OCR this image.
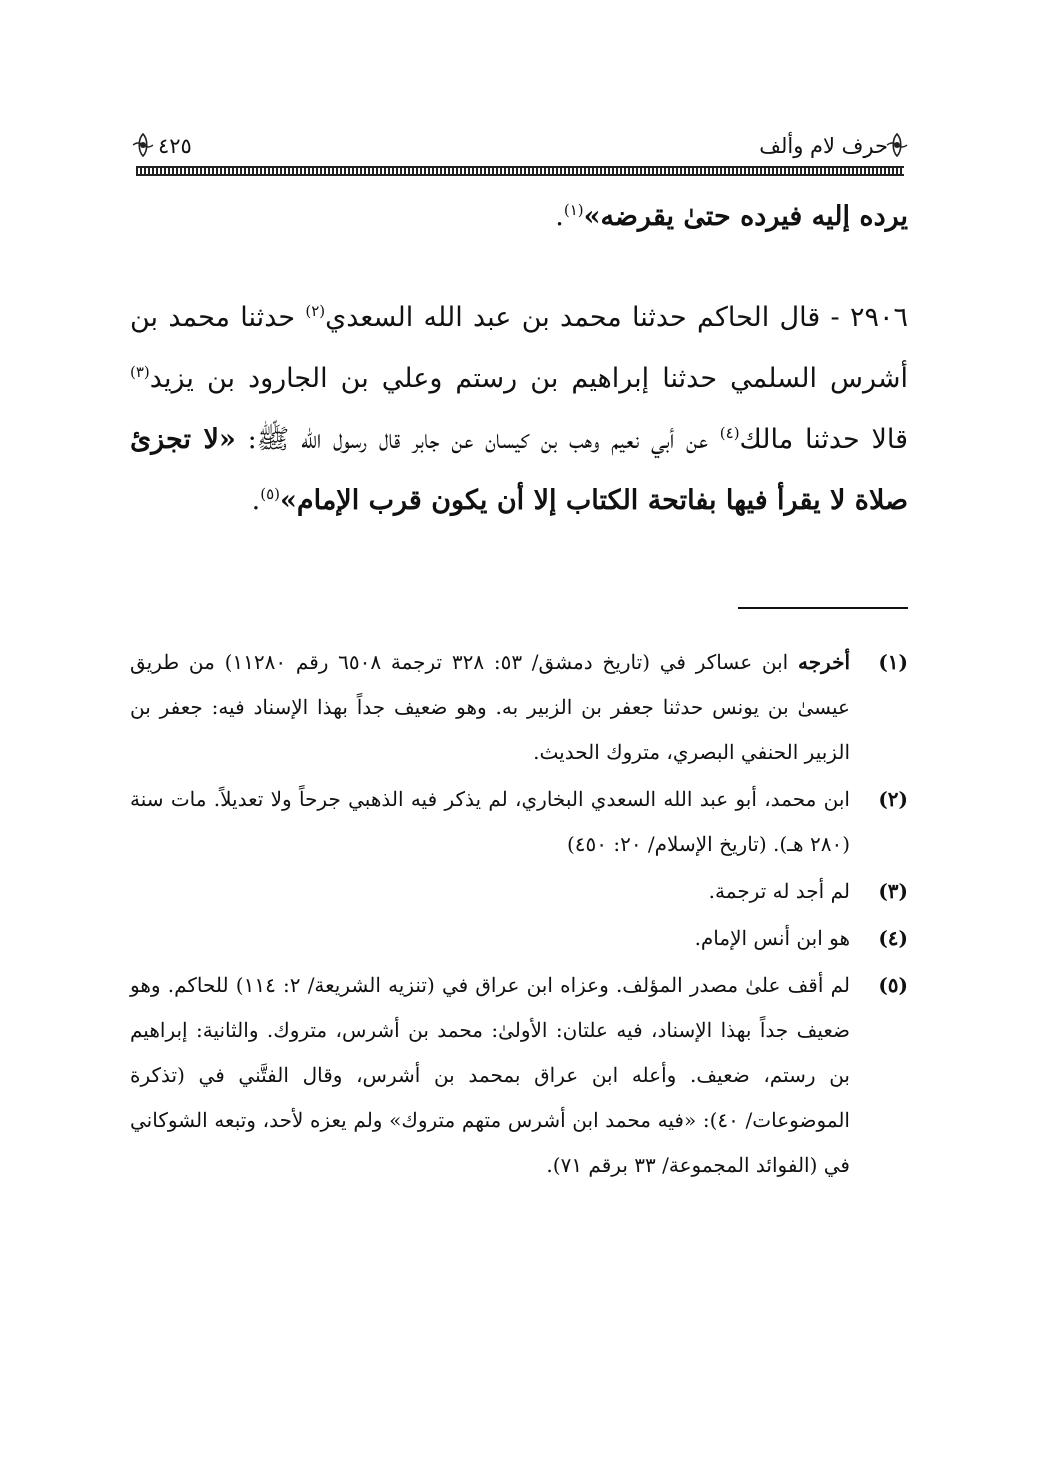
حرف لام وألف
٤٢٥
يرده إليه فيرده حتىٰ يقرضه»$^{(١)}$.
٢٩٠٦ - قال الحاكم حدثنا محمد بن عبد الله السعدي$^{(٢)}$ حدثنا محمد بن أشرس السلمي حدثنا إبراهيم بن رستم وعلي بن الجارود بن يزيد$^{(٣)}$ قالا حدثنا مالك$^{(٤)}$ عن أبي نعيم وهب بن كيسان عن جابر قال رسول الله ﷺ: «لا تجزئ صلاة لا يقرأ فيها بفاتحة الكتاب إلا أن يكون قرب الإمام»$^{(٥)}$.
(١)
أخرجه ابن عساكر في (تاريخ دمشق/ ٥٣: ٣٢٨ ترجمة ٦٥٠٨ رقم ١١٢٨٠) من طريق عيسىٰ بن يونس حدثنا جعفر بن الزبير به. وهو ضعيف جداً بهذا الإسناد فيه: جعفر بن الزبير الحنفي البصري، متروك الحديث.
(٢)
ابن محمد، أبو عبد الله السعدي البخاري، لم يذكر فيه الذهبي جرحاً ولا تعديلاً. مات سنة (٢٨٠ هـ). (تاريخ الإسلام/ ٢٠: ٤٥٠)
(٣)
لم أجد له ترجمة.
(٤)
هو ابن أنس الإمام.
(٥)
لم أقف علىٰ مصدر المؤلف. وعزاه ابن عراق في (تنزيه الشريعة/ ٢: ١١٤) للحاكم. وهو ضعيف جداً بهذا الإسناد، فيه علتان: الأولىٰ: محمد بن أشرس، متروك. والثانية: إبراهيم بن رستم، ضعيف. وأعله ابن عراق بمحمد بن أشرس، وقال الفتَّني في (تذكرة الموضوعات/ ٤٠): «فيه محمد ابن أشرس متهم متروك» ولم يعزه لأحد، وتبعه الشوكاني في (الفوائد المجموعة/ ٣٣ برقم ٧١).
